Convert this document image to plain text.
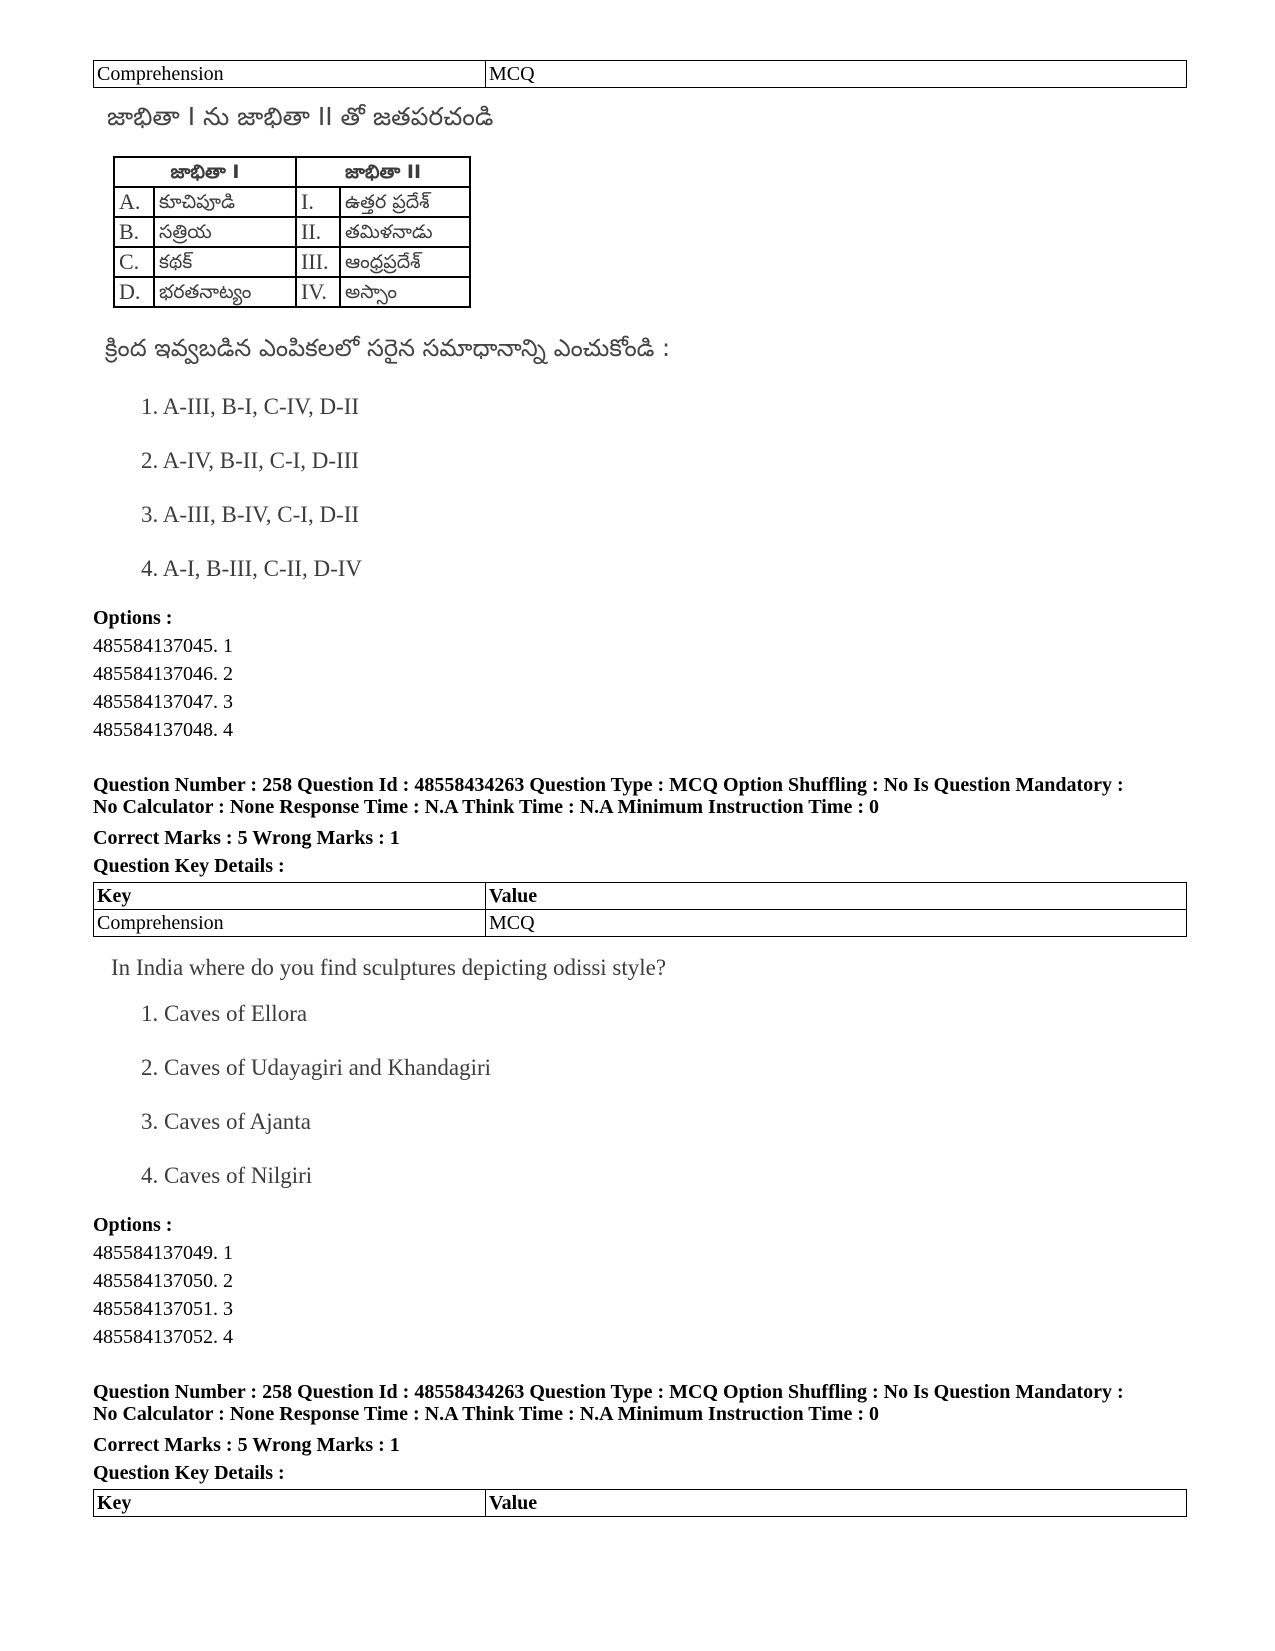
Comprehension	MCQ
జాభితా I ను జాభితా II తో జతపరచండి
జాభితా I		జాభితా II	
A.	కూచిపూడి	I.	ఉత్తర ప్రదేశ్
B.	సత్రియ	II.	తమిళనాడు
C.	కథక్	III.	ఆంధ్రప్రదేశ్
D.	భరతనాట్యం	IV.	అస్సాం
క్రింద ఇవ్వబడిన ఎంపికలలో సరైన సమాధానాన్ని ఎంచుకోండి :
1. A-III, B-I, C-IV, D-II
2. A-IV, B-II, C-I, D-III
3. A-III, B-IV, C-I, D-II
4. A-I, B-III, C-II, D-IV
Options :
485584137045. 1
485584137046. 2
485584137047. 3
485584137048. 4
Question Number : 258 Question Id : 48558434263 Question Type : MCQ Option Shuffling : No Is Question Mandatory :
No Calculator : None Response Time : N.A Think Time : N.A Minimum Instruction Time : 0
Correct Marks : 5 Wrong Marks : 1
Question Key Details :
Key	Value
Comprehension	MCQ
In India where do you find sculptures depicting odissi style?
1. Caves of Ellora
2. Caves of Udayagiri and Khandagiri
3. Caves of Ajanta
4. Caves of Nilgiri
Options :
485584137049. 1
485584137050. 2
485584137051. 3
485584137052. 4
Question Number : 258 Question Id : 48558434263 Question Type : MCQ Option Shuffling : No Is Question Mandatory :
No Calculator : None Response Time : N.A Think Time : N.A Minimum Instruction Time : 0
Correct Marks : 5 Wrong Marks : 1
Question Key Details :
Key	Value
